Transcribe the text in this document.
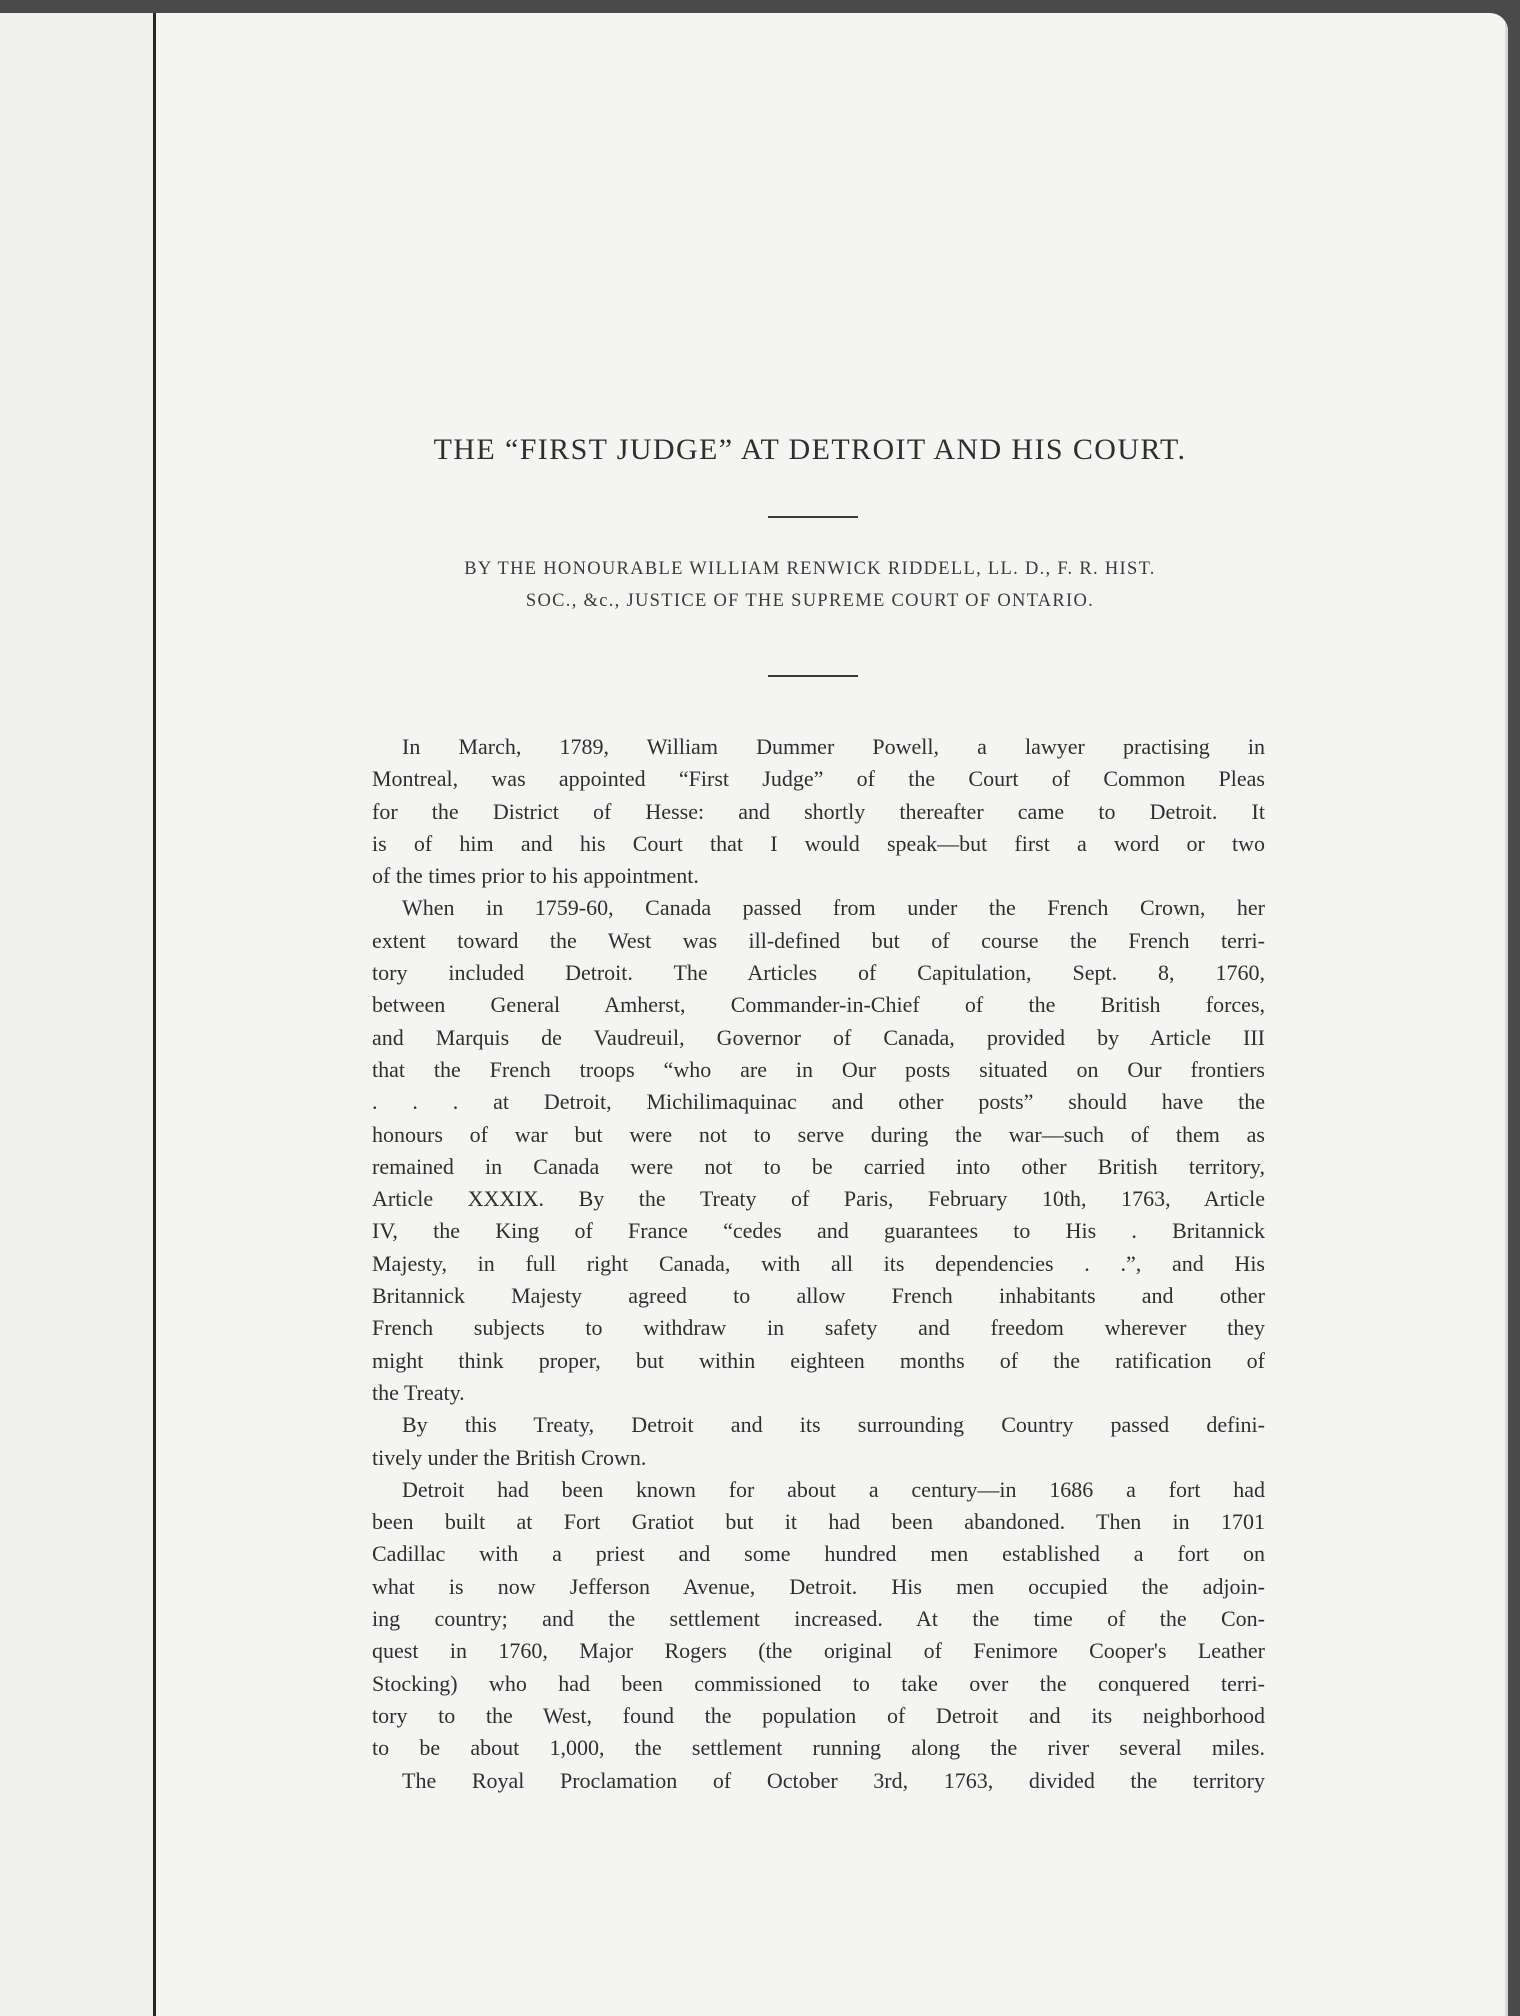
THE “FIRST JUDGE” AT DETROIT AND HIS COURT.
BY THE HONOURABLE WILLIAM RENWICK RIDDELL, LL. D., F. R. HIST.
SOC., &c., JUSTICE OF THE SUPREME COURT OF ONTARIO.
In March, 1789, William Dummer Powell, a lawyer practising in
Montreal, was appointed “First Judge” of the Court of Common Pleas
for the District of Hesse: and shortly thereafter came to Detroit. It
is of him and his Court that I would speak—but first a word or two
of the times prior to his appointment.
When in 1759-60, Canada passed from under the French Crown, her
extent toward the West was ill-defined but of course the French terri-
tory included Detroit. The Articles of Capitulation, Sept. 8, 1760,
between General Amherst, Commander-in-Chief of the British forces,
and Marquis de Vaudreuil, Governor of Canada, provided by Article III
that the French troops “who are in Our posts situated on Our frontiers
. . . at Detroit, Michilimaquinac and other posts” should have the
honours of war but were not to serve during the war—such of them as
remained in Canada were not to be carried into other British territory,
Article XXXIX. By the Treaty of Paris, February 10th, 1763, Article
IV, the King of France “cedes and guarantees to His . Britannick
Majesty, in full right Canada, with all its dependencies . .”, and His
Britannick Majesty agreed to allow French inhabitants and other
French subjects to withdraw in safety and freedom wherever they
might think proper, but within eighteen months of the ratification of
the Treaty.
By this Treaty, Detroit and its surrounding Country passed defini-
tively under the British Crown.
Detroit had been known for about a century—in 1686 a fort had
been built at Fort Gratiot but it had been abandoned. Then in 1701
Cadillac with a priest and some hundred men established a fort on
what is now Jefferson Avenue, Detroit. His men occupied the adjoin-
ing country; and the settlement increased. At the time of the Con-
quest in 1760, Major Rogers (the original of Fenimore Cooper's Leather
Stocking) who had been commissioned to take over the conquered terri-
tory to the West, found the population of Detroit and its neighborhood
to be about 1,000, the settlement running along the river several miles.
The Royal Proclamation of October 3rd, 1763, divided the territory
